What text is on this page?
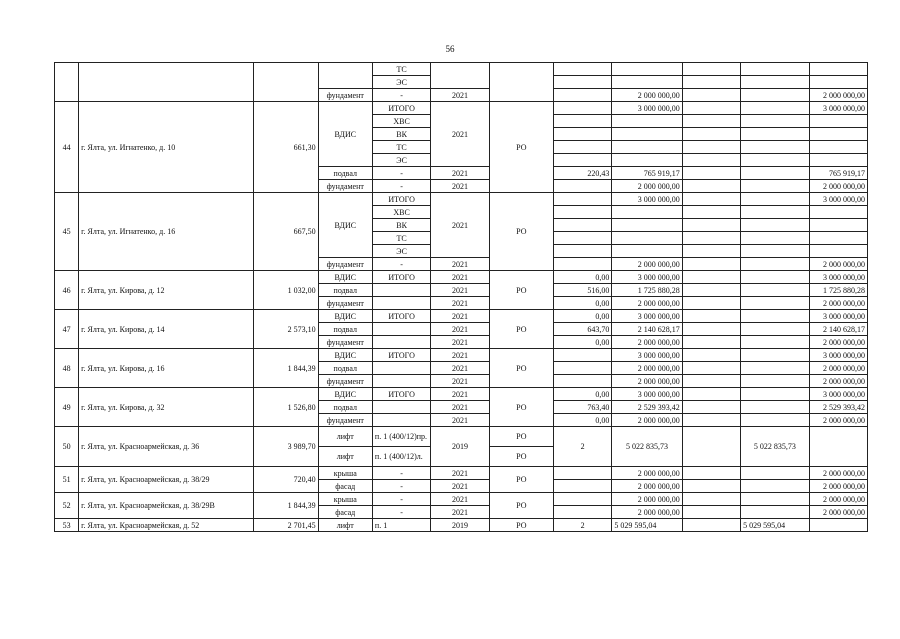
56
				ТС							
				ЭС							
			фундамент	-	2021			2 000 000,00			2 000 000,00
44	г. Ялта, ул. Игнатенко, д. 10	661,30	ВДИС	ИТОГО	2021	РО		3 000 000,00			3 000 000,00
				ХВС							
				ВК							
				ТС							
				ЭС							
			подвал	-	2021		220,43	765 919,17			765 919,17
			фундамент	-	2021			2 000 000,00			2 000 000,00
45	г. Ялта, ул. Игнатенко, д. 16	667,50	ВДИС	ИТОГО	2021	РО		3 000 000,00			3 000 000,00
				ХВС							
				ВК							
				ТС							
				ЭС							
			фундамент	-	2021			2 000 000,00			2 000 000,00
46	г. Ялта, ул. Кирова, д. 12	1 032,00	ВДИС	ИТОГО	2021	РО	0,00	3 000 000,00			3 000 000,00
			подвал		2021		516,00	1 725 880,28			1 725 880,28
			фундамент		2021		0,00	2 000 000,00			2 000 000,00
47	г. Ялта, ул. Кирова, д. 14	2 573,10	ВДИС	ИТОГО	2021	РО	0,00	3 000 000,00			3 000 000,00
			подвал		2021		643,70	2 140 628,17			2 140 628,17
			фундамент		2021		0,00	2 000 000,00			2 000 000,00
48	г. Ялта, ул. Кирова, д. 16	1 844,39	ВДИС	ИТОГО	2021	РО		3 000 000,00			3 000 000,00
			подвал		2021			2 000 000,00			2 000 000,00
			фундамент		2021			2 000 000,00			2 000 000,00
49	г. Ялта, ул. Кирова, д. 32	1 526,80	ВДИС	ИТОГО	2021	РО	0,00	3 000 000,00			3 000 000,00
			подвал		2021		763,40	2 529 393,42			2 529 393,42
			фундамент		2021		0,00	2 000 000,00			2 000 000,00
50	г. Ялта, ул. Красноармейская, д. 36	3 989,70	лифт	п. 1 (400/12)пр.	2019	РО	2	5 022 835,73		5 022 835,73	
			лифт	п. 1 (400/12)л.		РО					
51	г. Ялта, ул. Красноармейская, д. 38/29	720,40	крыша	-	2021	РО		2 000 000,00			2 000 000,00
			фасад	-	2021			2 000 000,00			2 000 000,00
52	г. Ялта, ул. Красноармейская, д. 38/29В	1 844,39	крыша	-	2021	РО		2 000 000,00			2 000 000,00
			фасад	-	2021			2 000 000,00			2 000 000,00
53	г. Ялта, ул. Красноармейская, д. 52	2 701,45	лифт	п. 1	2019	РО	2	5 029 595,04		5 029 595,04	
